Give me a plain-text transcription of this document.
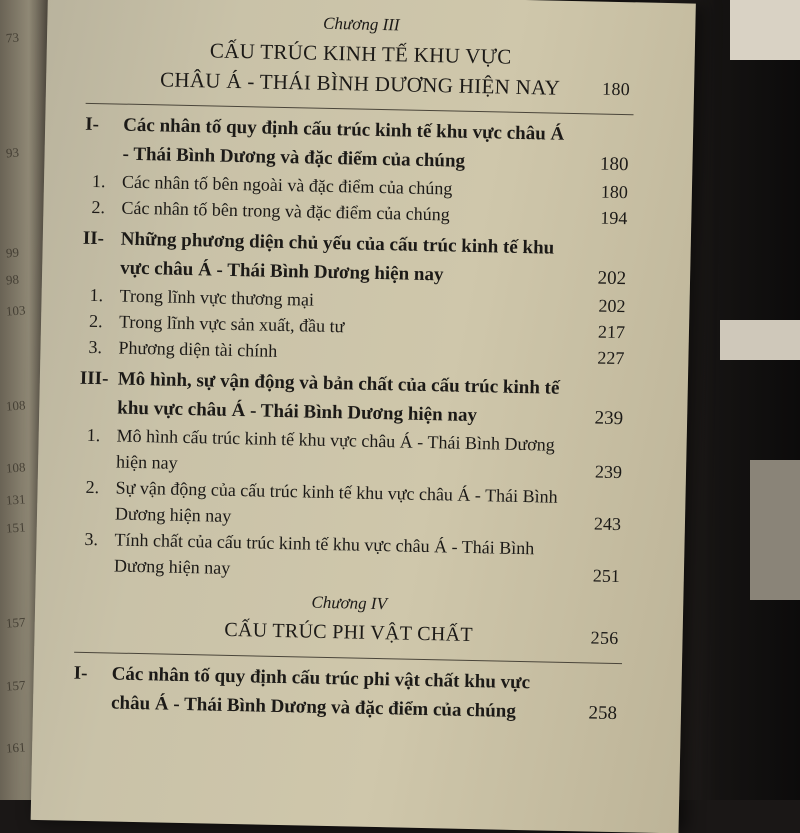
73
93
99
98
103
108
108
131
151
157
157
161
Chương III
CẤU TRÚC KINH TẾ KHU VỰC
CHÂU Á - THÁI BÌNH DƯƠNG HIỆN NAY	180
I-	Các nhân tố quy định cấu trúc kinh tế khu vực châu Á - Thái Bình Dương và đặc điểm của chúng	180
1. Các nhân tố bên ngoài và đặc điểm của chúng	180
2. Các nhân tố bên trong và đặc điểm của chúng	194
II- Những phương diện chủ yếu của cấu trúc kinh tế khu vực châu Á - Thái Bình Dương hiện nay	202
1. Trong lĩnh vực thương mại	202
2. Trong lĩnh vực sản xuất, đầu tư	217
3. Phương diện tài chính	227
III- Mô hình, sự vận động và bản chất của cấu trúc kinh tế khu vực châu Á - Thái Bình Dương hiện nay	239
1. Mô hình cấu trúc kinh tế khu vực châu Á - Thái Bình Dương hiện nay	239
2. Sự vận động của cấu trúc kinh tế khu vực châu Á - Thái Bình Dương hiện nay	243
3. Tính chất của cấu trúc kinh tế khu vực châu Á - Thái Bình Dương hiện nay	251
Chương IV
CẤU TRÚC PHI VẬT CHẤT	256
I-	Các nhân tố quy định cấu trúc phi vật chất khu vực châu Á - Thái Bình Dương và đặc điểm của chúng	258
